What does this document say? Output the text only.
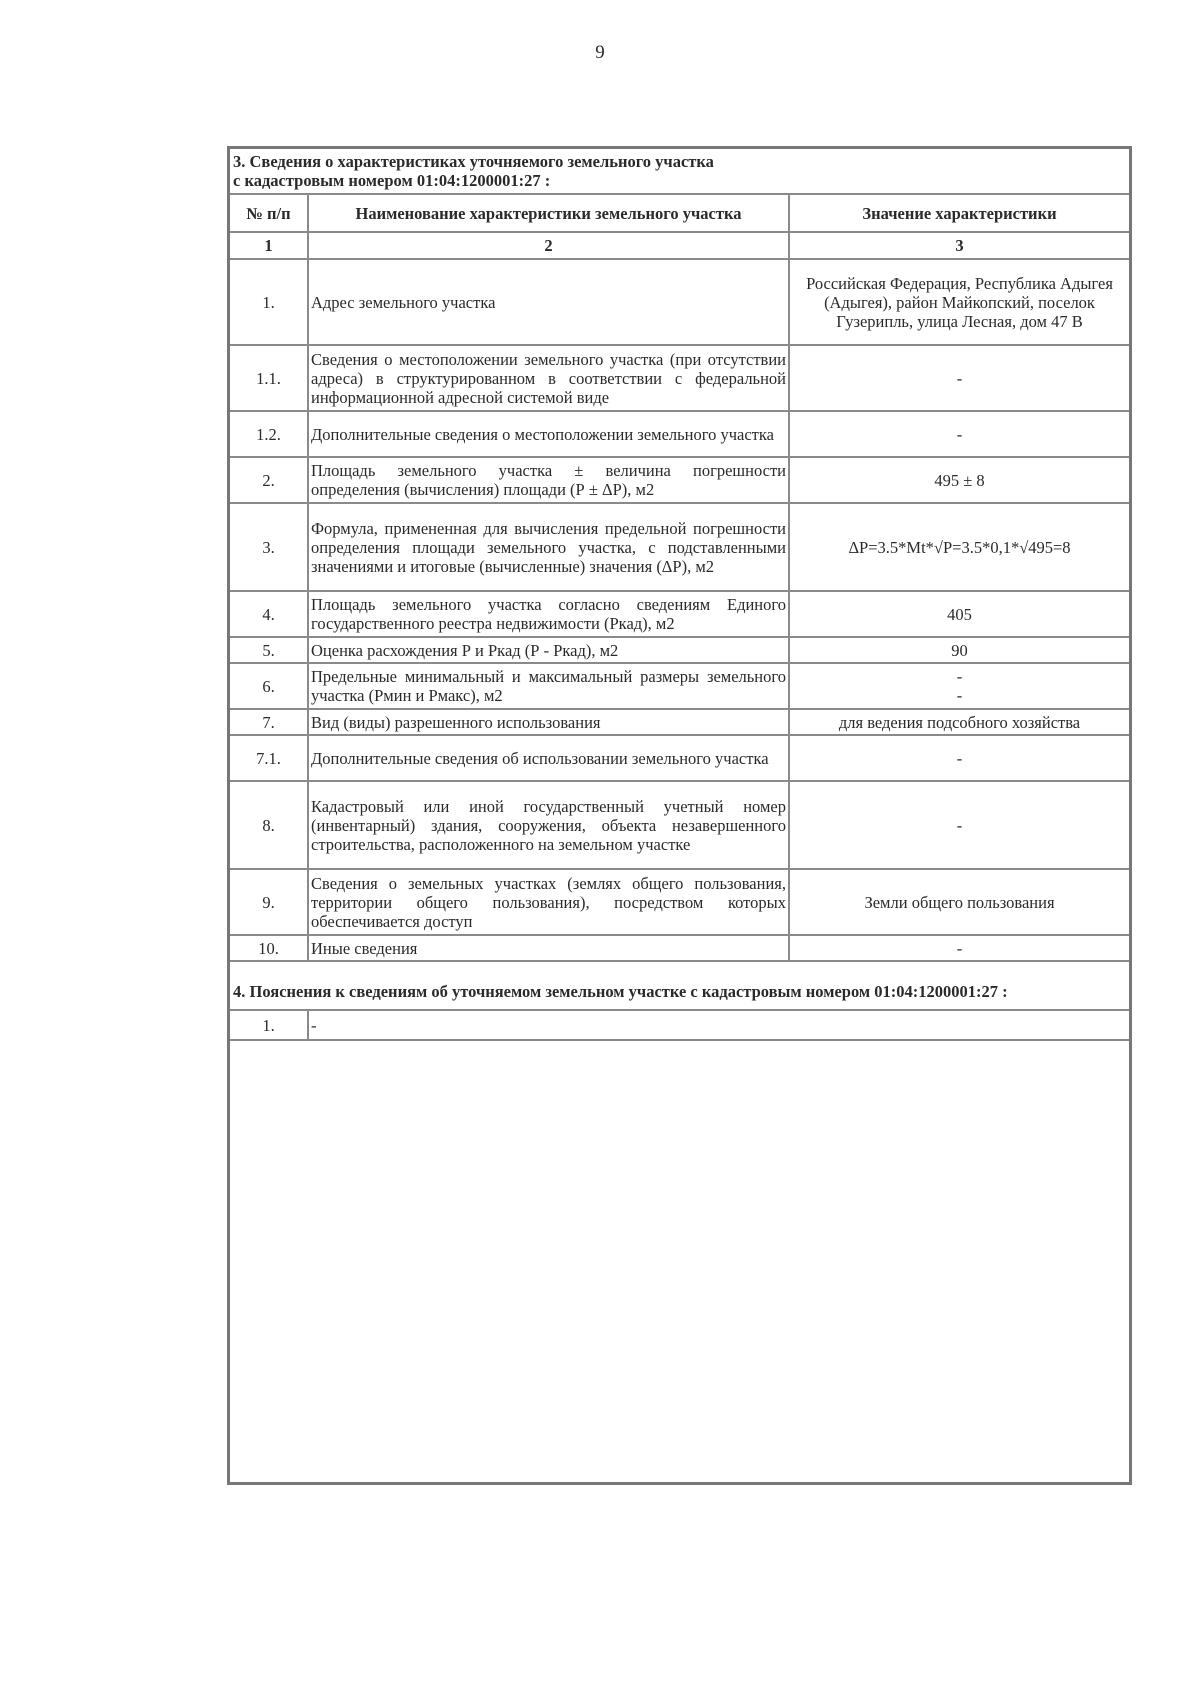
9
3. Сведения о характеристиках уточняемого земельного участка
с кадастровым номером 01:04:1200001:27 :		

№ п/п	Наименование характеристики земельного участка	Значение характеристики
1	2	3
1.	Адрес земельного участка	Российская Федерация, Республика Адыгея (Адыгея), район Майкопский, поселок Гузерипль, улица Лесная, дом 47 В
1.1.	Сведения о местоположении земельного участка (при отсутствии адреса) в структурированном в соответствии с федеральной информационной адресной системой виде	-
1.2.	Дополнительные сведения о местоположении земельного участка	-
2.	Площадь земельного участка ± величина погрешности определения (вычисления) площади (Р ± ΔР), м2	495 ± 8
3.	Формула, примененная для вычисления предельной погрешности определения площади земельного участка, с подставленными значениями и итоговые (вычисленные) значения (ΔР), м2	ΔP=3.5*Mt*√P=3.5*0,1*√495=8
4.	Площадь земельного участка согласно сведениям Единого государственного реестра недвижимости (Ркад), м2	405
5.	Оценка расхождения Р и Ркад (Р - Ркад), м2	90
6.	Предельные минимальный и максимальный размеры земельного участка (Рмин и Рмакс), м2	-
-

7.	Вид (виды) разрешенного использования	для ведения подсобного хозяйства
7.1.	Дополнительные сведения об использовании земельного участка	-
8.	Кадастровый или иной государственный учетный номер (инвентарный) здания, сооружения, объекта незавершенного строительства, расположенного на земельном участке	-
9.	Сведения о земельных участках (землях общего пользования, территории общего пользования), посредством которых обеспечивается доступ	Земли общего пользования
10.	Иные сведения	-
4. Пояснения к сведениям об уточняемом земельном участке с кадастровым номером 01:04:1200001:27 :		
1.	-	
